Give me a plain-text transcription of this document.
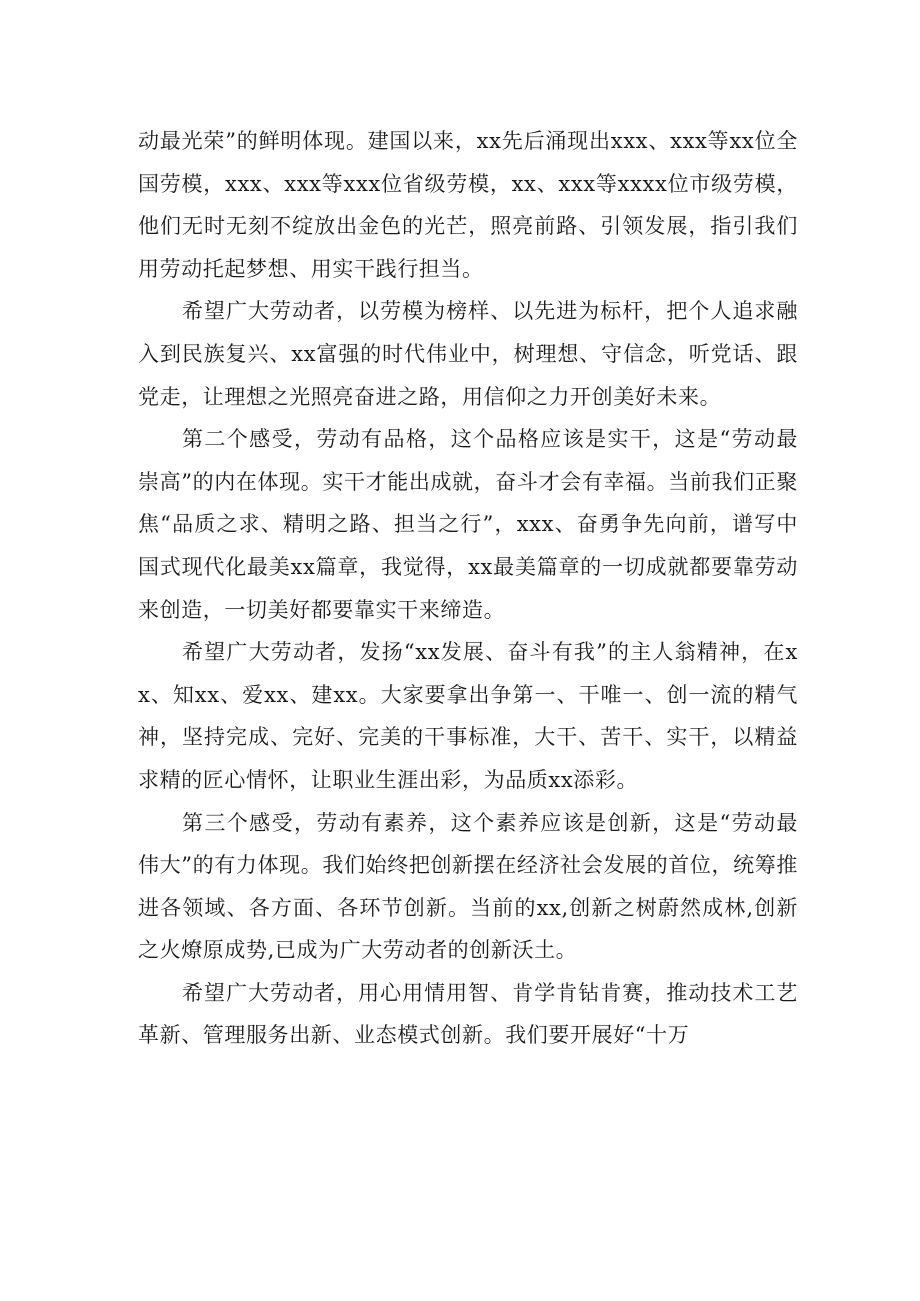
动最光荣”的鲜明体现。建国以来，xx先后涌现出xxx、xxx等xx位全国劳模，xxx、xxx等xxx位省级劳模，xx、xxx等xxxx位市级劳模，他们无时无刻不绽放出金色的光芒，照亮前路、引领发展，指引我们用劳动托起梦想、用实干践行担当。

希望广大劳动者，以劳模为榜样、以先进为标杆，把个人追求融入到民族复兴、xx富强的时代伟业中，树理想、守信念，听党话、跟党走，让理想之光照亮奋进之路，用信仰之力开创美好未来。

第二个感受，劳动有品格，这个品格应该是实干，这是“劳动最崇高”的内在体现。实干才能出成就，奋斗才会有幸福。当前我们正聚焦“品质之求、精明之路、担当之行”，xxx、奋勇争先向前，谱写中国式现代化最美xx篇章，我觉得，xx最美篇章的一切成就都要靠劳动来创造，一切美好都要靠实干来缔造。

希望广大劳动者，发扬“xx发展、奋斗有我”的主人翁精神，在xx、知xx、爱xx、建xx。大家要拿出争第一、干唯一、创一流的精气神，坚持完成、完好、完美的干事标准，大干、苦干、实干，以精益求精的匠心情怀，让职业生涯出彩，为品质xx添彩。

第三个感受，劳动有素养，这个素养应该是创新，这是“劳动最伟大”的有力体现。我们始终把创新摆在经济社会发展的首位，统筹推进各领域、各方面、各环节创新。当前的xx,创新之树蔚然成林,创新之火燎原成势,已成为广大劳动者的创新沃土。

希望广大劳动者，用心用情用智、肯学肯钻肯赛，推动技术工艺革新、管理服务出新、业态模式创新。我们要开展好“十万
